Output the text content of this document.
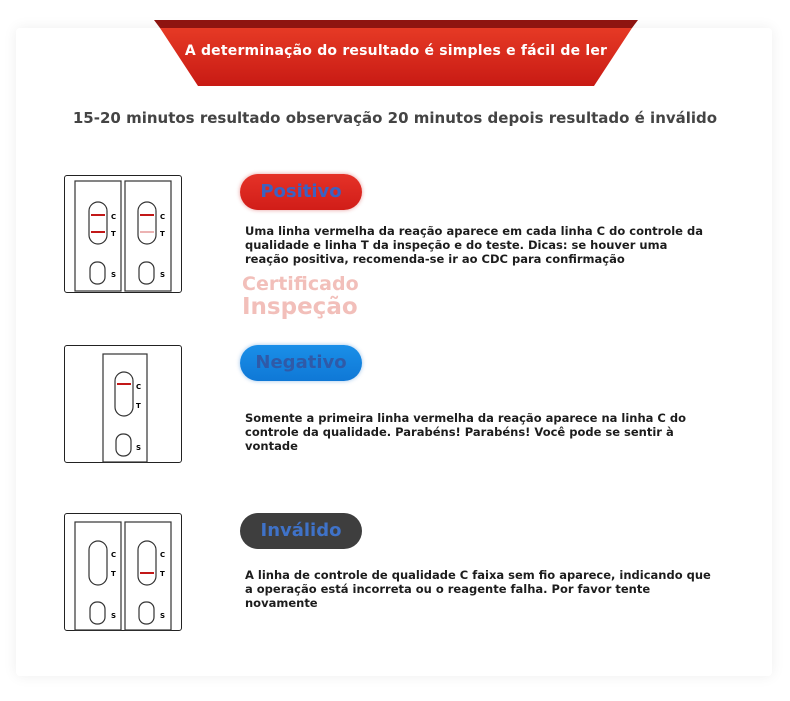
A determinação do resultado é simples e fácil de ler
15-20 minutos resultado observação 20 minutos depois resultado é inválido
C
T
S
C
T
S
Positivo
Uma linha vermelha da reação aparece em cada linha C do controle da qualidade e linha T da inspeção e do teste. Dicas: se houver uma reação positiva, recomenda-se ir ao CDC para confirmação
Certificado
Inspeção
C
T
S
Negativo
Somente a primeira linha vermelha da reação aparece na linha C do controle da qualidade. Parabéns! Parabéns! Você pode se sentir à vontade
C
T
S
C
T
S
Inválido
A linha de controle de qualidade C faixa sem fio aparece, indicando que a operação está incorreta ou o reagente falha. Por favor tente novamente
